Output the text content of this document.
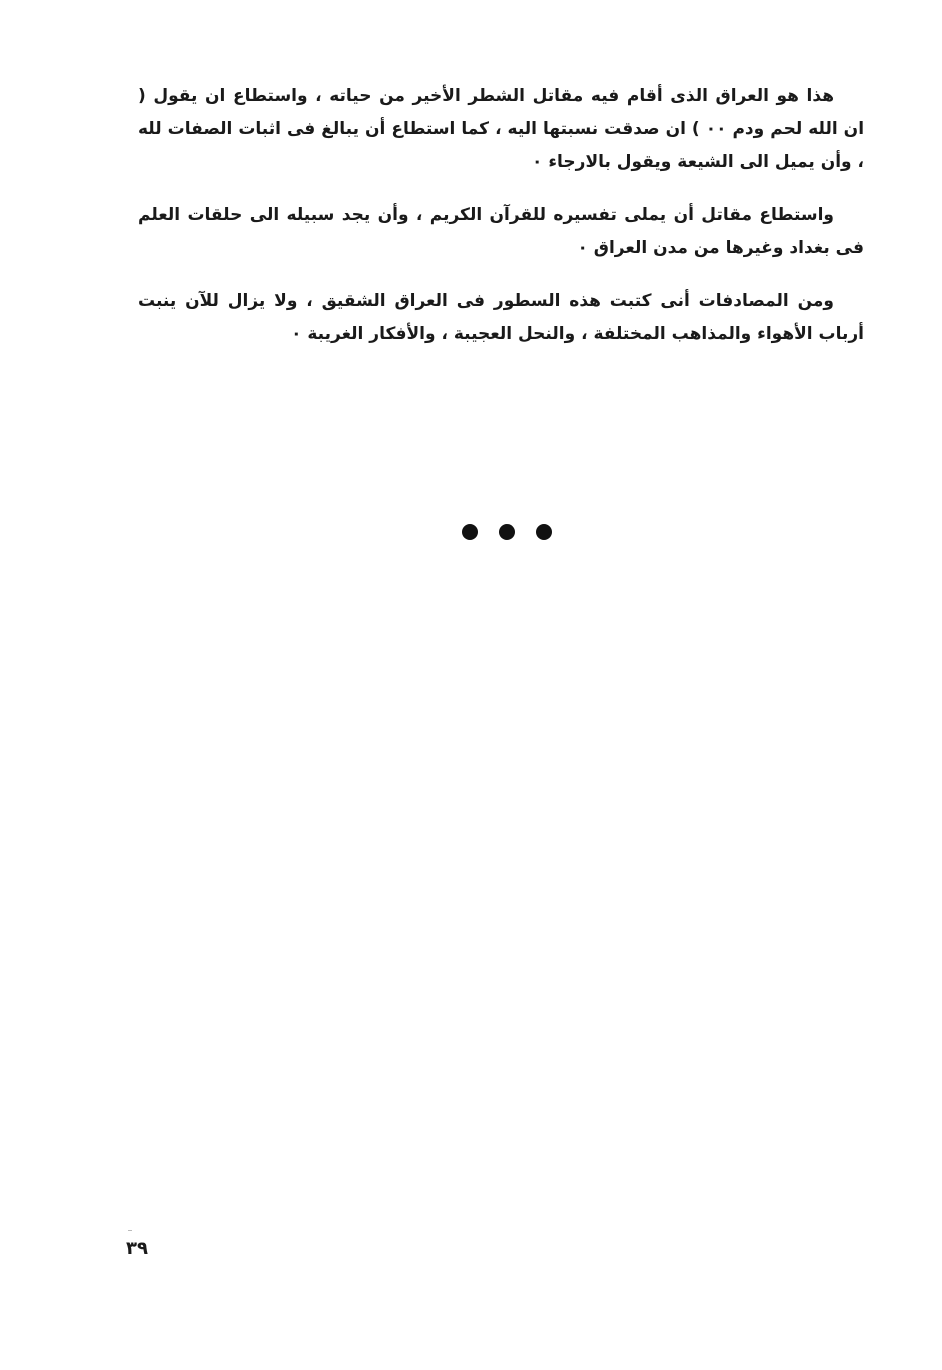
هذا هو العراق الذى أقام فيه مقاتل الشطر الأخير من حياته ، واستطاع ان يقول ( ان الله لحم ودم ٠٠ ) ان صدقت نسبتها اليه ، كما استطاع أن يبالغ فى اثبات الصفات لله ، وأن يميل الى الشيعة ويقول بالارجاء ٠

واستطاع مقاتل أن يملى تفسيره للقرآن الكريم ، وأن يجد سبيله الى حلقات العلم فى بغداد وغيرها من مدن العراق ٠

ومن المصادفات أنى كتبت هذه السطور فى العراق الشقيق ، ولا يزال للآن ينبت أرباب الأهواء والمذاهب المختلفة ، والنحل العجيبة ، والأفكار الغريبة ٠

٣٩
